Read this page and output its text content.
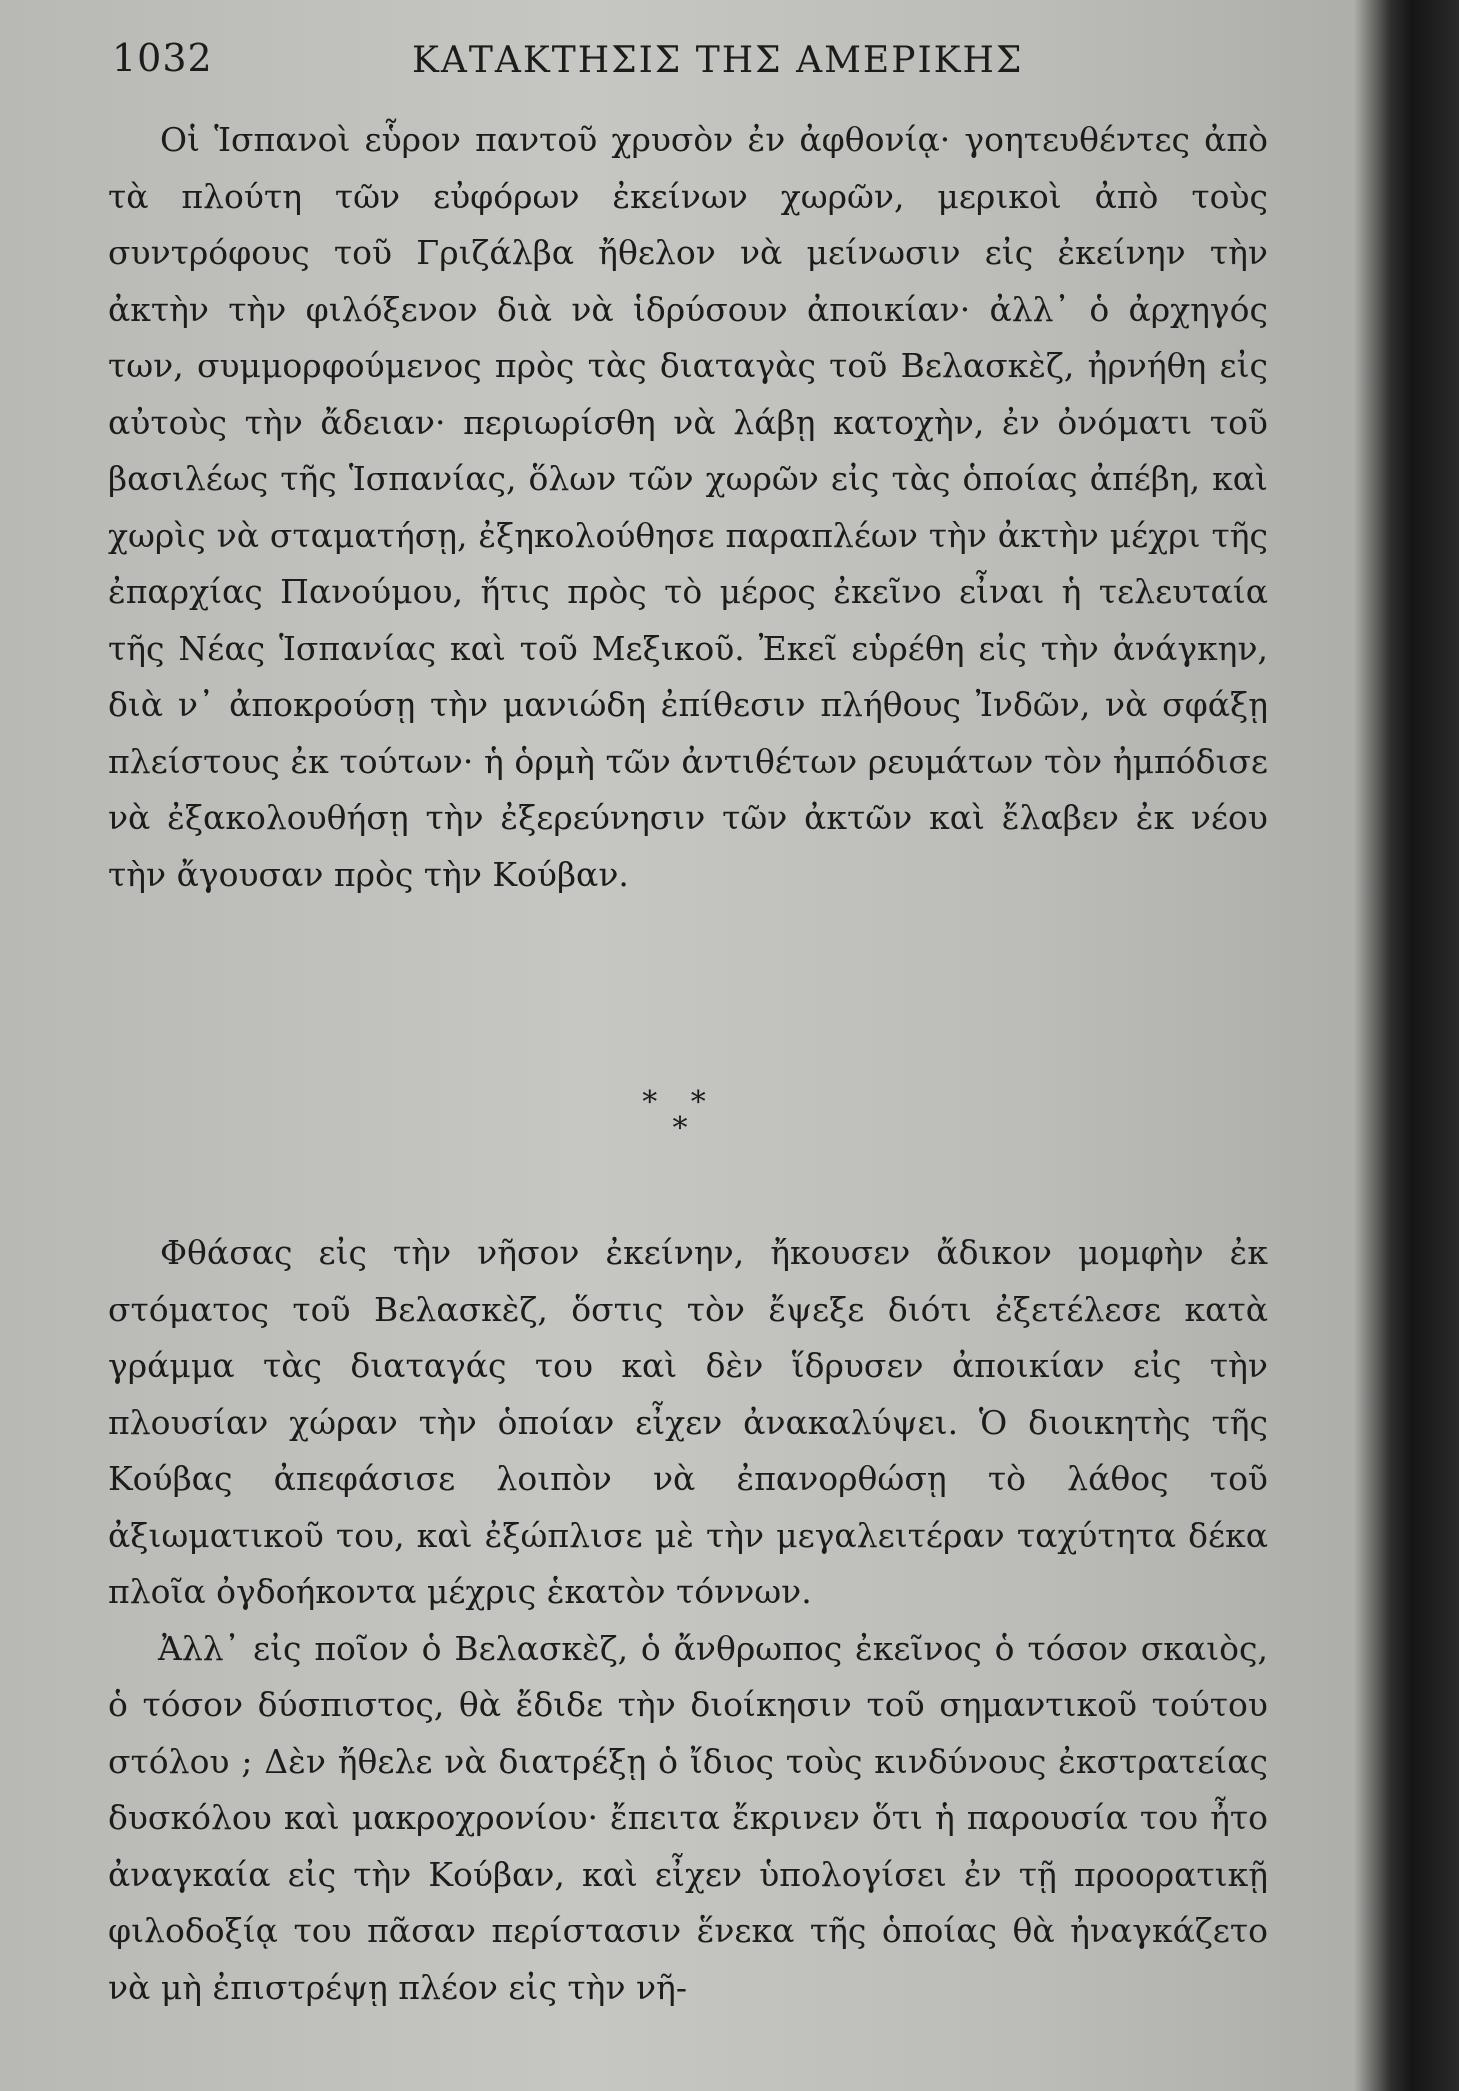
1032	ΚΑΤΑΚΤΗΣΙΣ ΤΗΣ ΑΜΕΡΙΚΗΣ

Οἱ Ἱσπανοὶ εὗρον παντοῦ χρυσὸν ἐν ἀφθονίᾳ· γοητευθέντες ἀπὸ τὰ πλούτη τῶν εὐφόρων ἐκείνων χωρῶν, μερικοὶ ἀπὸ τοὺς συντρόφους τοῦ Γριζάλβα ἤθελον νὰ μείνωσιν εἰς ἐκείνην τὴν ἀκτὴν τὴν φιλόξενον διὰ νὰ ἱδρύσουν ἀποικίαν· ἀλλ᾽ ὁ ἀρχηγός των, συμμορφούμενος πρὸς τὰς διαταγὰς τοῦ Βελασκὲζ, ἠρνήθη εἰς αὐτοὺς τὴν ἄδειαν· περιωρίσθη νὰ λάβῃ κατοχὴν, ἐν ὀνόματι τοῦ βασιλέως τῆς Ἱσπανίας, ὅλων τῶν χωρῶν εἰς τὰς ὁποίας ἀπέβη, καὶ χωρὶς νὰ σταματήσῃ, ἐξηκολούθησε παραπλέων τὴν ἀκτὴν μέχρι τῆς ἐπαρχίας Πανούμου, ἥτις πρὸς τὸ μέρος ἐκεῖνο εἶναι ἡ τελευταία τῆς Νέας Ἱσπανίας καὶ τοῦ Μεξικοῦ. Ἐκεῖ εὑρέθη εἰς τὴν ἀνάγκην, διὰ ν᾽ ἀποκρούσῃ τὴν μανιώδη ἐπίθεσιν πλήθους Ἰνδῶν, νὰ σφάξῃ πλείστους ἐκ τούτων· ἡ ὁρμὴ τῶν ἀντιθέτων ρευμάτων τὸν ἠμπόδισε νὰ ἐξακολουθήσῃ τὴν ἐξερεύνησιν τῶν ἀκτῶν καὶ ἔλαβεν ἐκ νέου τὴν ἄγουσαν πρὸς τὴν Κούβαν.

* *
*

Φθάσας εἰς τὴν νῆσον ἐκείνην, ἤκουσεν ἄδικον μομφὴν ἐκ στόματος τοῦ Βελασκὲζ, ὅστις τὸν ἔψεξε διότι ἐξετέλεσε κατὰ γράμμα τὰς διαταγάς του καὶ δὲν ἵδρυσεν ἀποικίαν εἰς τὴν πλουσίαν χώραν τὴν ὁποίαν εἶχεν ἀνακαλύψει. Ὁ διοικητὴς τῆς Κούβας ἀπεφάσισε λοιπὸν νὰ ἐπανορθώσῃ τὸ λάθος τοῦ ἀξιωματικοῦ του, καὶ ἐξώπλισε μὲ τὴν μεγαλειτέραν ταχύτητα δέκα πλοῖα ὀγδοήκοντα μέχρις ἑκατὸν τόννων.

Ἀλλ᾽ εἰς ποῖον ὁ Βελασκὲζ, ὁ ἄνθρωπος ἐκεῖνος ὁ τόσον σκαιὸς, ὁ τόσον δύσπιστος, θὰ ἔδιδε τὴν διοίκησιν τοῦ σημαντικοῦ τούτου στόλου ; Δὲν ἤθελε νὰ διατρέξῃ ὁ ἴδιος τοὺς κινδύνους ἐκστρατείας δυσκόλου καὶ μακροχρονίου· ἔπειτα ἔκρινεν ὅτι ἡ παρουσία του ἦτο ἀναγκαία εἰς τὴν Κούβαν, καὶ εἶχεν ὑπολογίσει ἐν τῇ προορατικῇ φιλοδοξίᾳ του πᾶσαν περίστασιν ἕνεκα τῆς ὁποίας θὰ ἠναγκάζετο νὰ μὴ ἐπιστρέψῃ πλέον εἰς τὴν νῆ-
